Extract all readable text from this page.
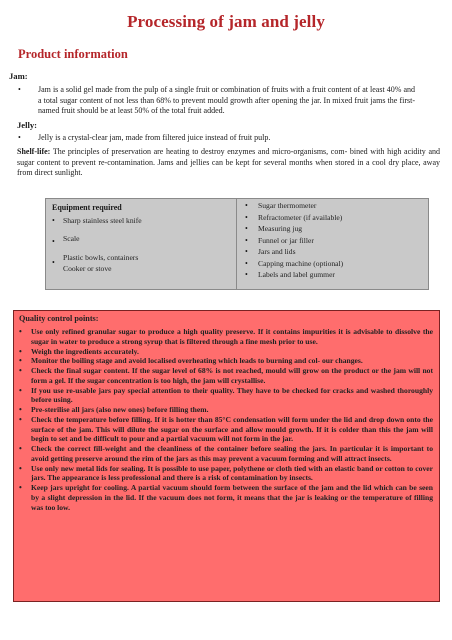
Processing of jam and jelly
Product information
Jam:
• Jam is a solid gel made from the pulp of a single fruit or combination of fruits with a fruit content of at least 40% and a total sugar content of not less than 68% to prevent mould growth after opening the jar. In mixed fruit jams the first-named fruit should be at least 50% of the total fruit added.
Jelly:
• Jelly is a crystal-clear jam, made from filtered juice instead of fruit pulp.
Shelf-life: The principles of preservation are heating to destroy enzymes and micro-organisms, com- bined with high acidity and sugar content to prevent re-contamination. Jams and jellies can be kept for several months when stored in a cool dry place, away from direct sunlight.
Equipment required
•
•
•
Sharp stainless steel knife
Scale
Plastic bowls, containers
Cooker or stove
• Sugar thermometer
• Refractometer (if available)
• Measuring jug
• Funnel or jar filler
• Jars and lids
• Capping machine (optional)
• Labels and label gummer
Quality control points:
• Use only refined granular sugar to produce a high quality preserve. If it contains impurities it is advisable to dissolve the sugar in water to produce a strong syrup that is filtered through a fine mesh prior to use.
• Weigh the ingredients accurately.
• Monitor the boiling stage and avoid localised overheating which leads to burning and col- our changes.
• Check the final sugar content. If the sugar level of 68% is not reached, mould will grow on the product or the jam will not form a gel. If the sugar concentration is too high, the jam will crystallise.
• If you use re-usable jars pay special attention to their quality. They have to be checked for cracks and washed thoroughly before using.
• Pre-sterilise all jars (also new ones) before filling them.
• Check the temperature before filling. If it is hotter than 85°C condensation will form under the lid and drop down onto the surface of the jam. This will dilute the sugar on the surface and allow mould growth. If it is colder than this the jam will begin to set and be difficult to pour and a partial vacuum will not form in the jar.
• Check the correct fill-weight and the cleanliness of the container before sealing the jars. In particular it is important to avoid getting preserve around the rim of the jars as this may prevent a vacuum forming and will attract insects.
• Use only new metal lids for sealing. It is possible to use paper, polythene or cloth tied with an elastic band or cotton to cover jars. The appearance is less professional and there is a risk of contamination by insects.
• Keep jars upright for cooling. A partial vacuum should form between the surface of the jam and the lid which can be seen by a slight depression in the lid. If the vacuum does not form, it means that the jar is leaking or the temperature of filling was too low.
